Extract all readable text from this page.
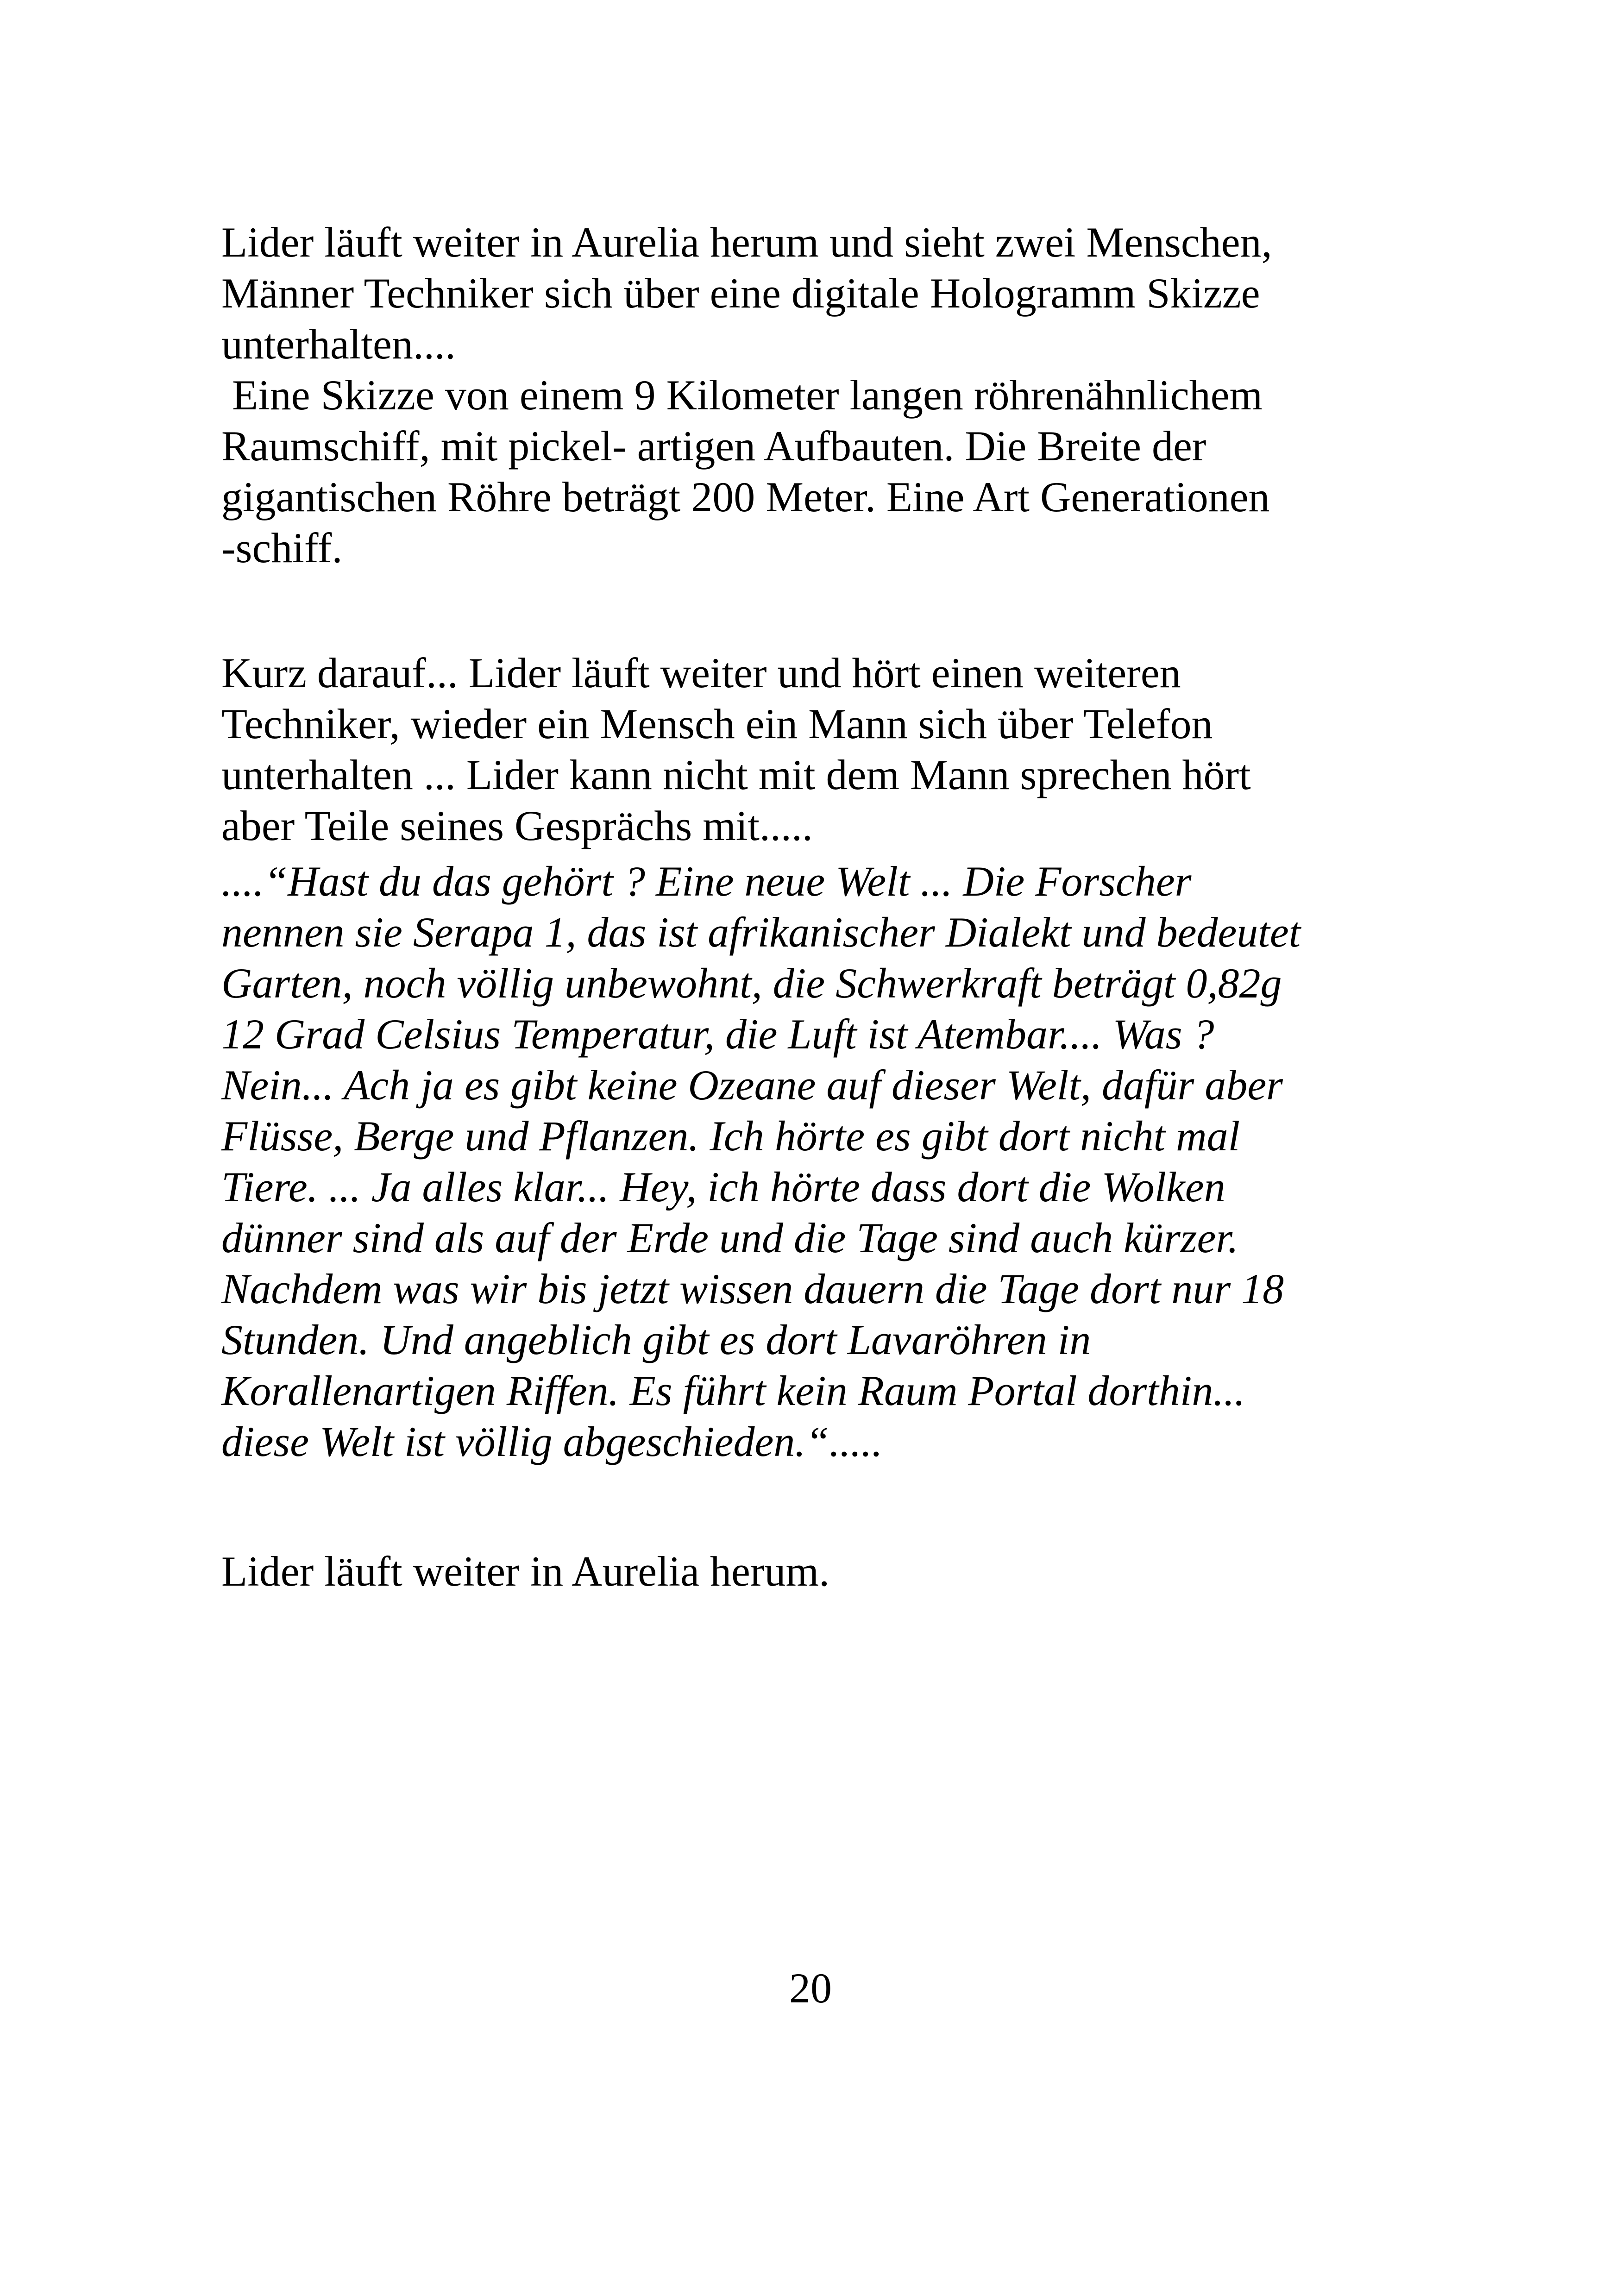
Lider läuft weiter in Aurelia herum und sieht zwei Menschen,
Männer Techniker sich über eine digitale Hologramm Skizze
unterhalten....
Eine Skizze von einem 9 Kilometer langen röhrenähnlichem
Raumschiff, mit pickel- artigen Aufbauten. Die Breite der
gigantischen Röhre beträgt 200 Meter. Eine Art Generationen
-schiff.
Kurz darauf... Lider läuft weiter und hört einen weiteren
Techniker, wieder ein Mensch ein Mann sich über Telefon
unterhalten ... Lider kann nicht mit dem Mann sprechen hört
aber Teile seines Gesprächs mit.....
....“Hast du das gehört ? Eine neue Welt ... Die Forscher
nennen sie Serapa 1, das ist afrikanischer Dialekt und bedeutet
Garten, noch völlig unbewohnt, die Schwerkraft beträgt 0,82g
12 Grad Celsius Temperatur, die Luft ist Atembar.... Was ?
Nein... Ach ja es gibt keine Ozeane auf dieser Welt, dafür aber
Flüsse, Berge und Pflanzen. Ich hörte es gibt dort nicht mal
Tiere. ... Ja alles klar... Hey, ich hörte dass dort die Wolken
dünner sind als auf der Erde und die Tage sind auch kürzer.
Nachdem was wir bis jetzt wissen dauern die Tage dort nur 18
Stunden. Und angeblich gibt es dort Lavaröhren in
Korallenartigen Riffen. Es führt kein Raum Portal dorthin...
diese Welt ist völlig abgeschieden.“.....
Lider läuft weiter in Aurelia herum.
20
